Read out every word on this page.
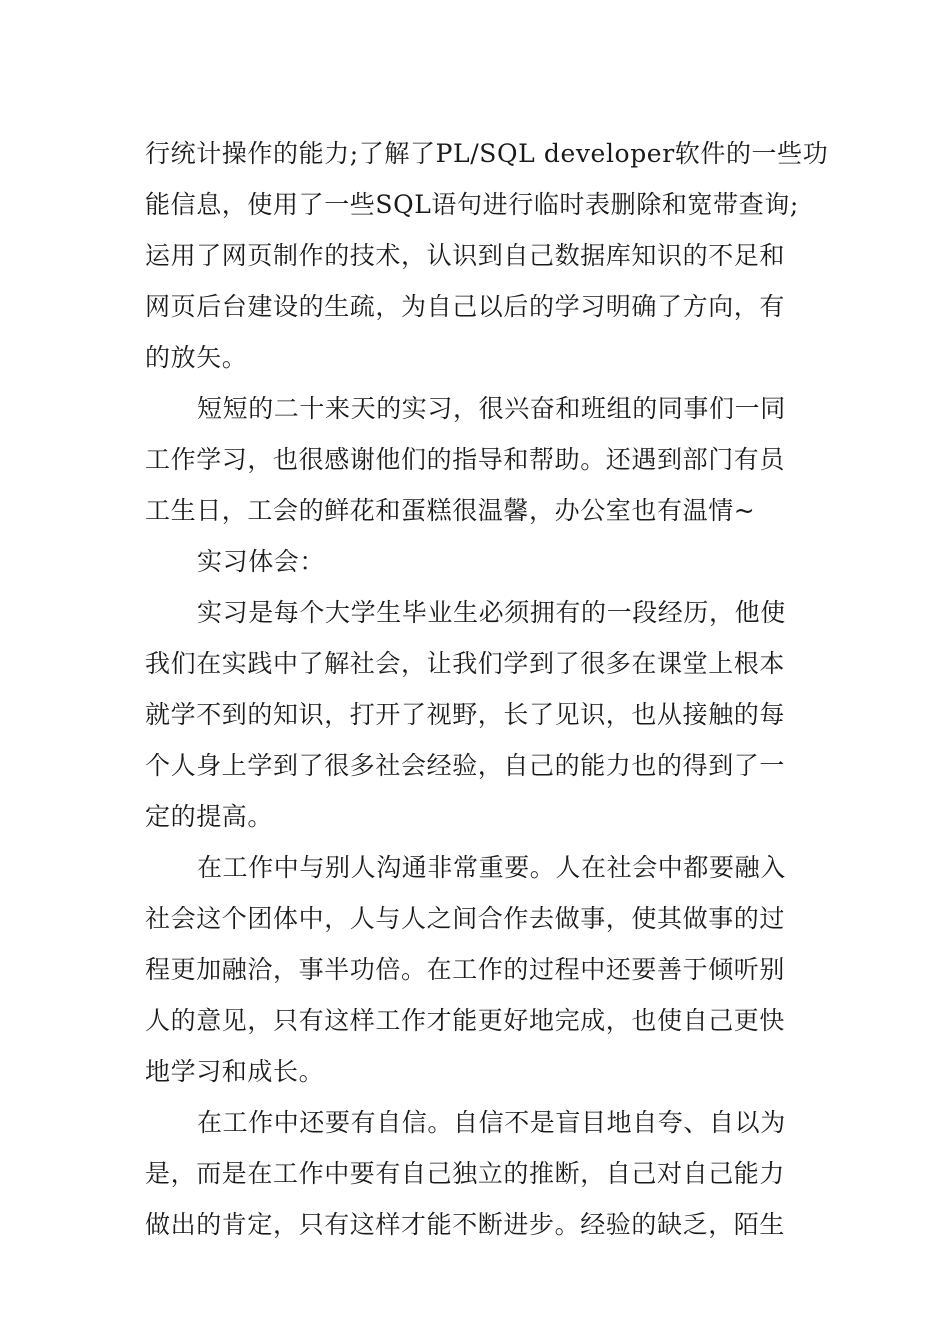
行统计操作的能力;了解了PL/SQL developer软件的一些功
能信息，使用了一些SQL语句进行临时表删除和宽带查询;
运用了网页制作的技术，认识到自己数据库知识的不足和
网页后台建设的生疏，为自己以后的学习明确了方向，有
的放矢。
短短的二十来天的实习，很兴奋和班组的同事们一同
工作学习，也很感谢他们的指导和帮助。还遇到部门有员
工生日，工会的鲜花和蛋糕很温馨，办公室也有温情~
实习体会：
实习是每个大学生毕业生必须拥有的一段经历，他使
我们在实践中了解社会，让我们学到了很多在课堂上根本
就学不到的知识，打开了视野，长了见识，也从接触的每
个人身上学到了很多社会经验，自己的能力也的得到了一
定的提高。
在工作中与别人沟通非常重要。人在社会中都要融入
社会这个团体中，人与人之间合作去做事，使其做事的过
程更加融洽，事半功倍。在工作的过程中还要善于倾听别
人的意见，只有这样工作才能更好地完成，也使自己更快
地学习和成长。
在工作中还要有自信。自信不是盲目地自夸、自以为
是，而是在工作中要有自己独立的推断，自己对自己能力
做出的肯定，只有这样才能不断进步。经验的缺乏，陌生
